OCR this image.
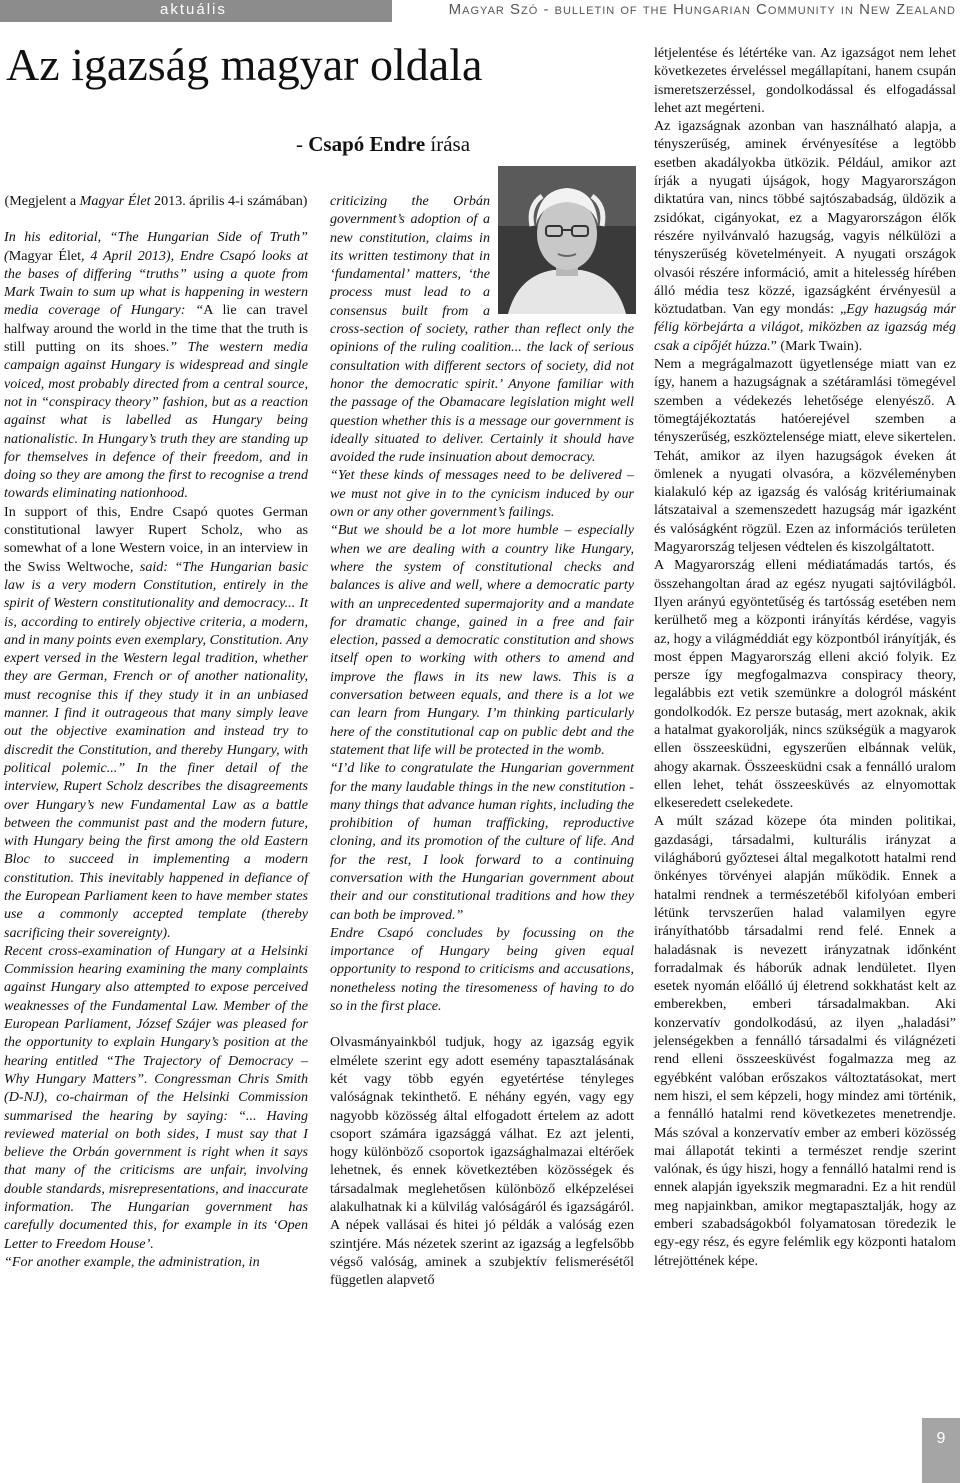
aktuális	Magyar Szó - bulletin of the Hungarian Community in New Zealand
Az igazság magyar oldala
- Csapó Endre írása

(Megjelent a Magyar Élet 2013. április 4-i számában)

In his editorial, “The Hungarian Side of Truth” (Magyar Élet, 4 April 2013), Endre Csapó looks at the bases of differing “truths” using a quote from Mark Twain to sum up what is happening in western media coverage of Hungary: “A lie can travel halfway around the world in the time that the truth is still putting on its shoes.” The western media campaign against Hungary is widespread and single voiced, most probably directed from a central source, not in “conspiracy theory” fashion, but as a reaction against what is labelled as Hungary being nationalistic. In Hungary’s truth they are standing up for themselves in defence of their freedom, and in doing so they are among the first to recognise a trend towards eliminating nationhood.

In support of this, Endre Csapó quotes German constitutional lawyer Rupert Scholz, who as somewhat of a lone Western voice, in an interview in the Swiss Weltwoche, said: “The Hungarian basic law is a very modern Constitution, entirely in the spirit of Western constitutionality and democracy... It is, according to entirely objective criteria, a modern, and in many points even exemplary, Constitution. Any expert versed in the Western legal tradition, whether they are German, French or of another nationality, must recognise this if they study it in an unbiased manner. I find it outrageous that many simply leave out the objective examination and instead try to discredit the Constitution, and thereby Hungary, with political polemic...” In the finer detail of the interview, Rupert Scholz describes the disagreements over Hungary’s new Fundamental Law as a battle between the communist past and the modern future, with Hungary being the first among the old Eastern Bloc to succeed in implementing a modern constitution. This inevitably happened in defiance of the European Parliament keen to have member states use a commonly accepted template (thereby sacrificing their sovereignty).

Recent cross-examination of Hungary at a Helsinki Commission hearing examining the many complaints against Hungary also attempted to expose perceived weaknesses of the Fundamental Law. Member of the European Parliament, József Szájer was pleased for the opportunity to explain Hungary’s position at the hearing entitled “The Trajectory of Democracy – Why Hungary Matters”. Congressman Chris Smith (D-NJ), co-chairman of the Helsinki Commission summarised the hearing by saying: “... Having reviewed material on both sides, I must say that I believe the Orbán government is right when it says that many of the criticisms are unfair, involving double standards, misrepresentations, and inaccurate information. The Hungarian government has carefully documented this, for example in its ‘Open Letter to Freedom House’.

“For another example, the administration, in

criticizing the Orbán government’s adoption of a new constitution, claims in its written testimony that in ‘fundamental’ matters, ‘the process must lead to a consensus built from a cross-section of society, rather than reflect only the opinions of the ruling coalition... the lack of serious consultation with different sectors of society, did not honor the democratic spirit.’ Anyone familiar with the passage of the Obamacare legislation might well question whether this is a message our government is ideally situated to deliver. Certainly it should have avoided the rude insinuation about democracy.

“Yet these kinds of messages need to be delivered – we must not give in to the cynicism induced by our own or any other government’s failings.

“But we should be a lot more humble – especially when we are dealing with a country like Hungary, where the system of constitutional checks and balances is alive and well, where a democratic party with an unprecedented supermajority and a mandate for dramatic change, gained in a free and fair election, passed a democratic constitution and shows itself open to working with others to amend and improve the flaws in its new laws. This is a conversation between equals, and there is a lot we can learn from Hungary. I’m thinking particularly here of the constitutional cap on public debt and the statement that life will be protected in the womb.

“I’d like to congratulate the Hungarian government for the many laudable things in the new constitution - many things that advance human rights, including the prohibition of human trafficking, reproductive cloning, and its promotion of the culture of life. And for the rest, I look forward to a continuing conversation with the Hungarian government about their and our constitutional traditions and how they can both be improved.”

Endre Csapó concludes by focussing on the importance of Hungary being given equal opportunity to respond to criticisms and accusations, nonetheless noting the tiresomeness of having to do so in the first place.

Olvasmányainkból tudjuk, hogy az igazság egyik elmélete szerint egy adott esemény tapasztalásának két vagy több egyén egyetértése tényleges valóságnak tekinthető. E néhány egyén, vagy egy nagyobb közösség által elfogadott értelem az adott csoport számára igazsággá válhat. Ez azt jelenti, hogy különböző csoportok igazsághalmazai eltérőek lehetnek, és ennek következtében közösségek és társadalmak meglehetősen különböző elképzelései alakulhatnak ki a külvilág valóságáról és igazságáról. A népek vallásai és hitei jó példák a valóság ezen szintjére. Más nézetek szerint az igazság a legfelsőbb végső valóság, aminek a szubjektív felismerésétől független alapvető

létjelentése és létértéke van. Az igazságot nem lehet következetes érveléssel megállapítani, hanem csupán ismeretszerzéssel, gondolkodással és elfogadással lehet azt megérteni.

Az igazságnak azonban van használható alapja, a tényszerűség, aminek érvényesítése a legtöbb esetben akadályokba ütközik. Például, amikor azt írják a nyugati újságok, hogy Magyarországon diktatúra van, nincs többé sajtószabadság, üldözik a zsidókat, cigányokat, ez a Magyarországon élők részére nyilvánvaló hazugság, vagyis nélkülözi a tényszerűség követelményeit. A nyugati országok olvasói részére információ, amit a hitelesség hírében álló média tesz közzé, igazságként érvényesül a köztudatban. Van egy mondás: „Egy hazugság már félig körbejárta a világot, miközben az igazság még csak a cipőjét húzza.” (Mark Twain).

Nem a megrágalmazott ügyetlensége miatt van ez így, hanem a hazugságnak a szétáramlási tömegével szemben a védekezés lehetősége elenyésző. A tömegtájékoztatás hatóerejével szemben a tényszerűség, eszköztelensége miatt, eleve sikertelen. Tehát, amikor az ilyen hazugságok éveken át ömlenek a nyugati olvasóra, a közvéleményben kialakuló kép az igazság és valóság kritériumainak látszataival a szemenszedett hazugság már igazként és valóságként rögzül. Ezen az információs területen Magyarország teljesen védtelen és kiszolgáltatott.

A Magyarország elleni médiatámadás tartós, és összehangoltan árad az egész nyugati sajtóvilágból. Ilyen arányú egyöntetűség és tartósság esetében nem kerülhető meg a központi irányítás kérdése, vagyis az, hogy a világméddiát egy központból irányítják, és most éppen Magyarország elleni akció folyik. Ez persze így megfogalmazva conspiracy theory, legalábbis ezt vetik szemünkre a dologról másként gondolkodók. Ez persze butaság, mert azoknak, akik a hatalmat gyakorolják, nincs szükségük a magyarok ellen összeesküdni, egyszerűen elbánnak velük, ahogy akarnak. Összeesküdni csak a fennálló uralom ellen lehet, tehát összeesküvés az elnyomottak elkeseredett cselekedete.

A múlt század közepe óta minden politikai, gazdasági, társadalmi, kulturális irányzat a világháború győztesei által megalkotott hatalmi rend önkényes törvényei alapján működik. Ennek a hatalmi rendnek a természetéből kifolyóan emberi létünk tervszerűen halad valamilyen egyre irányíthatóbb társadalmi rend felé. Ennek a haladásnak is nevezett irányzatnak időnként forradalmak és háborúk adnak lendületet. Ilyen esetek nyomán előálló új életrend sokkhatást kelt az emberekben, emberi társadalmakban. Aki konzervatív gondolkodású, az ilyen „haladási” jelenségekben a fennálló társadalmi és világnézeti rend elleni összeesküvést fogalmazza meg az egyébként valóban erőszakos változtatásokat, mert nem hiszi, el sem képzeli, hogy mindez ami történik, a fennálló hatalmi rend következetes menetrendje. Más szóval a konzervatív ember az emberi közösség mai állapotát tekinti a természet rendje szerint valónak, és úgy hiszi, hogy a fennálló hatalmi rend is ennek alapján igyekszik megmaradni. Ez a hit rendül meg napjainkban, amikor megtapasztalják, hogy az emberi szabadságokból folyamatosan töredezik le egy-egy rész, és egyre felémlik egy központi hatalom létrejöttének képe.

9
